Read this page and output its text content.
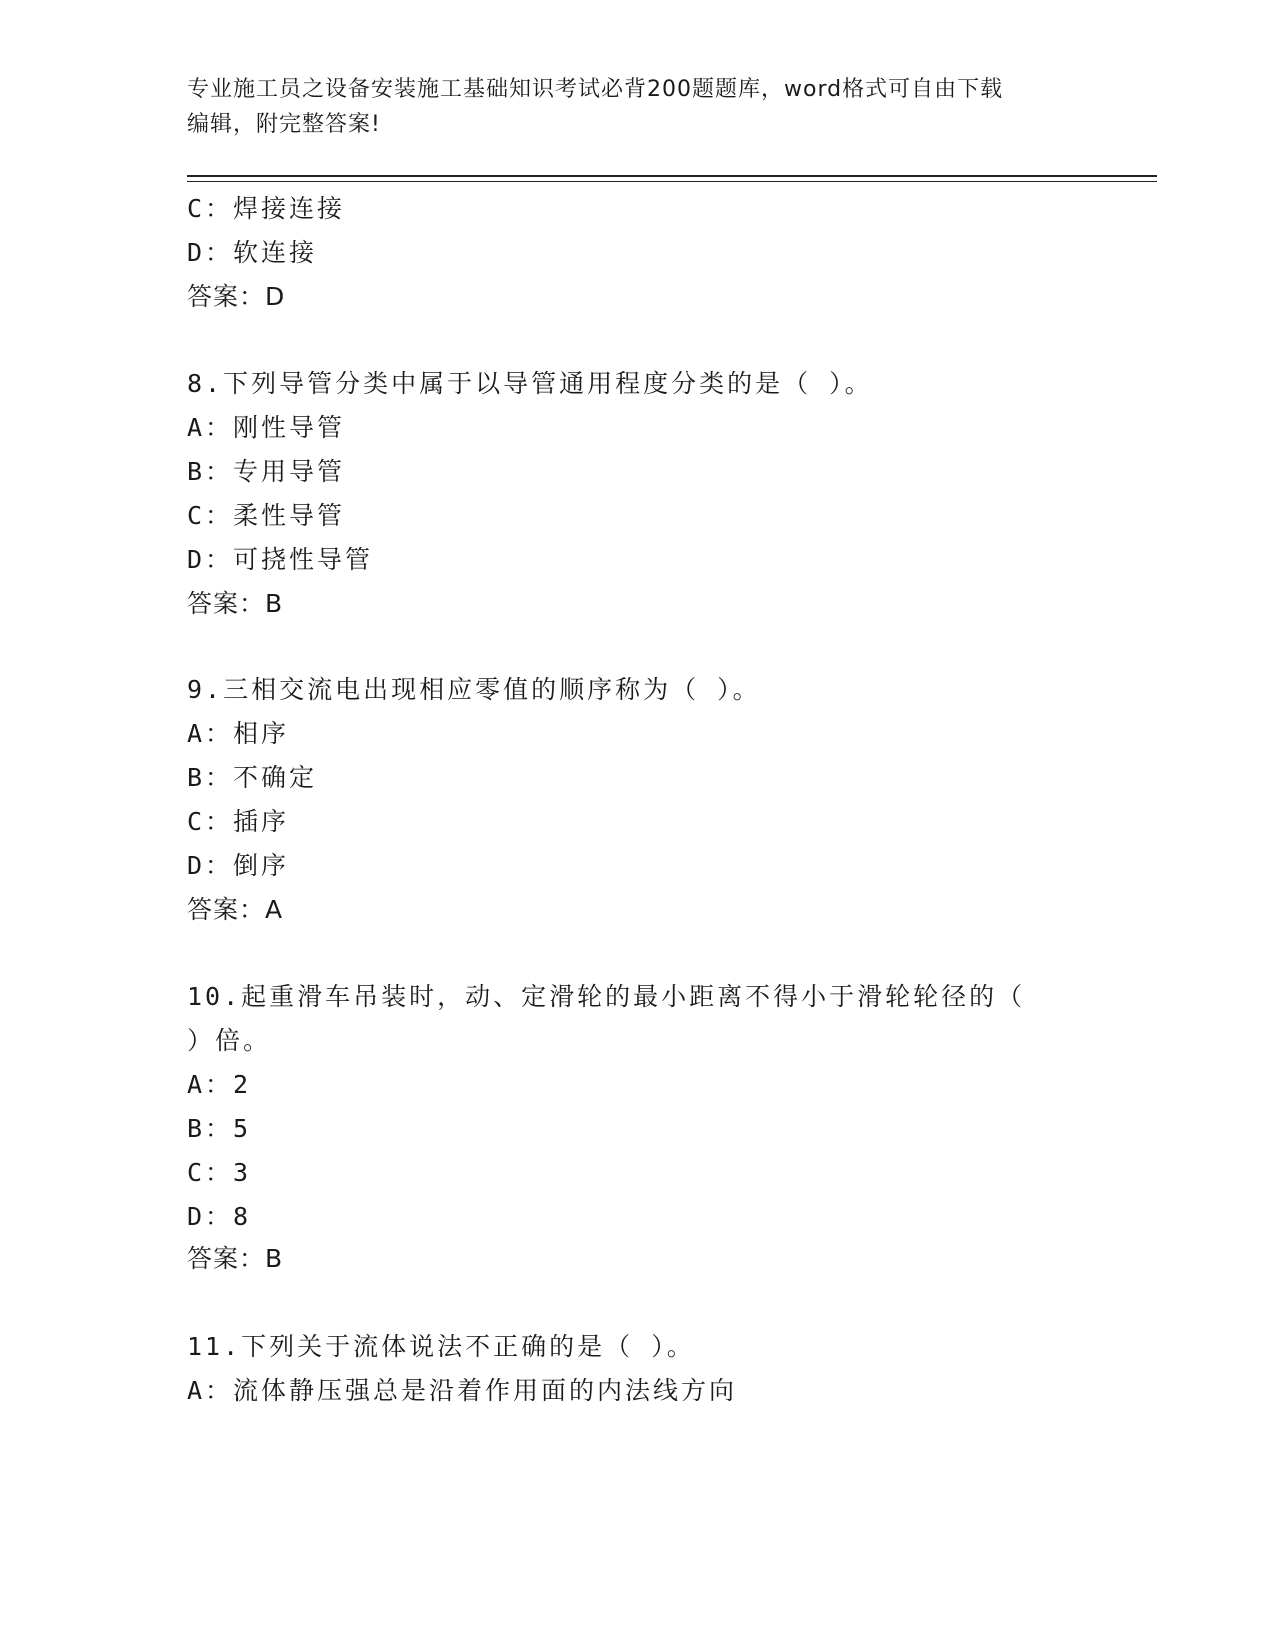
专业施工员之设备安装施工基础知识考试必背200题题库，word格式可自由下载
编辑，附完整答案!
C：焊接连接
D：软连接
答案：D
8.下列导管分类中属于以导管通用程度分类的是（ ）。
A：刚性导管
B：专用导管
C：柔性导管
D：可挠性导管
答案：B
9.三相交流电出现相应零值的顺序称为（ ）。
A：相序
B：不确定
C：插序
D：倒序
答案：A
10.起重滑车吊装时，动、定滑轮的最小距离不得小于滑轮轮径的（
）倍。
A：2
B：5
C：3
D：8
答案：B
11.下列关于流体说法不正确的是（ ）。
A：流体静压强总是沿着作用面的内法线方向
